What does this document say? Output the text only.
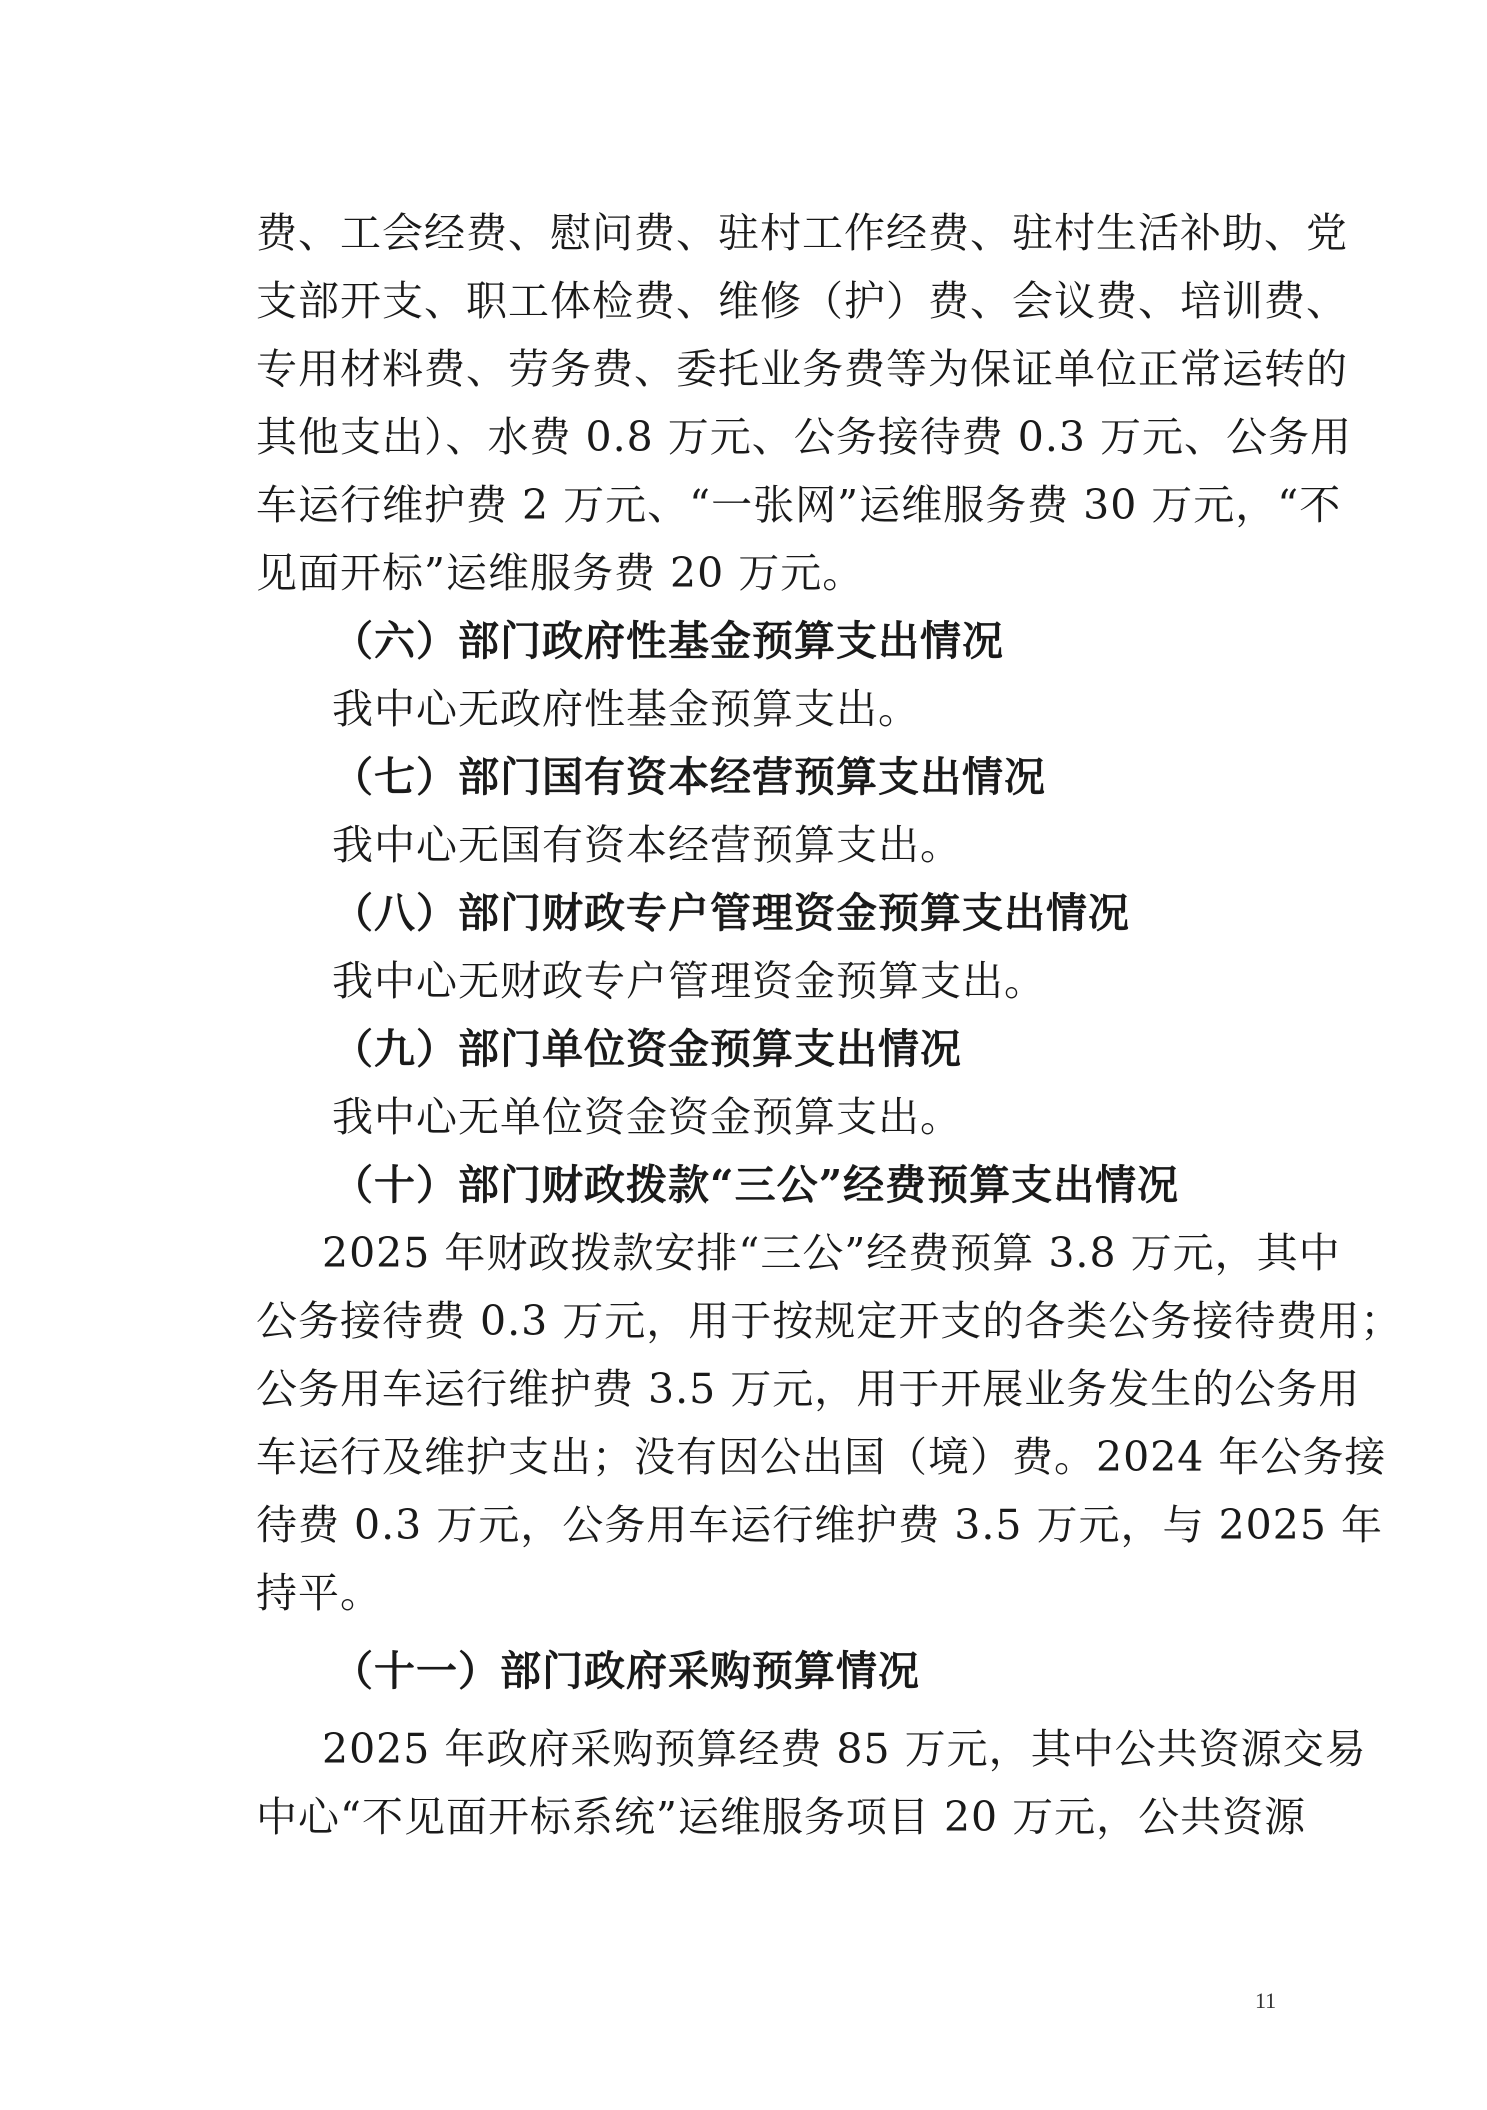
费、工会经费、慰问费、驻村工作经费、驻村生活补助、党
支部开支、职工体检费、维修（护）费、会议费、培训费、
专用材料费、劳务费、委托业务费等为保证单位正常运转的
其他支出）、水费 0.8 万元、公务接待费 0.3 万元、公务用
车运行维护费 2 万元、“一张网”运维服务费 30 万元，“不
见面开标”运维服务费 20 万元。
（六）部门政府性基金预算支出情况
我中心无政府性基金预算支出。
（七）部门国有资本经营预算支出情况
我中心无国有资本经营预算支出。
（八）部门财政专户管理资金预算支出情况
我中心无财政专户管理资金预算支出。
（九）部门单位资金预算支出情况
我中心无单位资金资金预算支出。
（十）部门财政拨款“三公”经费预算支出情况
2025 年财政拨款安排“三公”经费预算 3.8 万元，其中
公务接待费 0.3 万元，用于按规定开支的各类公务接待费用；
公务用车运行维护费 3.5 万元，用于开展业务发生的公务用
车运行及维护支出；没有因公出国（境）费。2024 年公务接
待费 0.3 万元，公务用车运行维护费 3.5 万元，与 2025 年
持平。
（十一）部门政府采购预算情况
2025 年政府采购预算经费 85 万元，其中公共资源交易
中心“不见面开标系统”运维服务项目 20 万元，公共资源
11
